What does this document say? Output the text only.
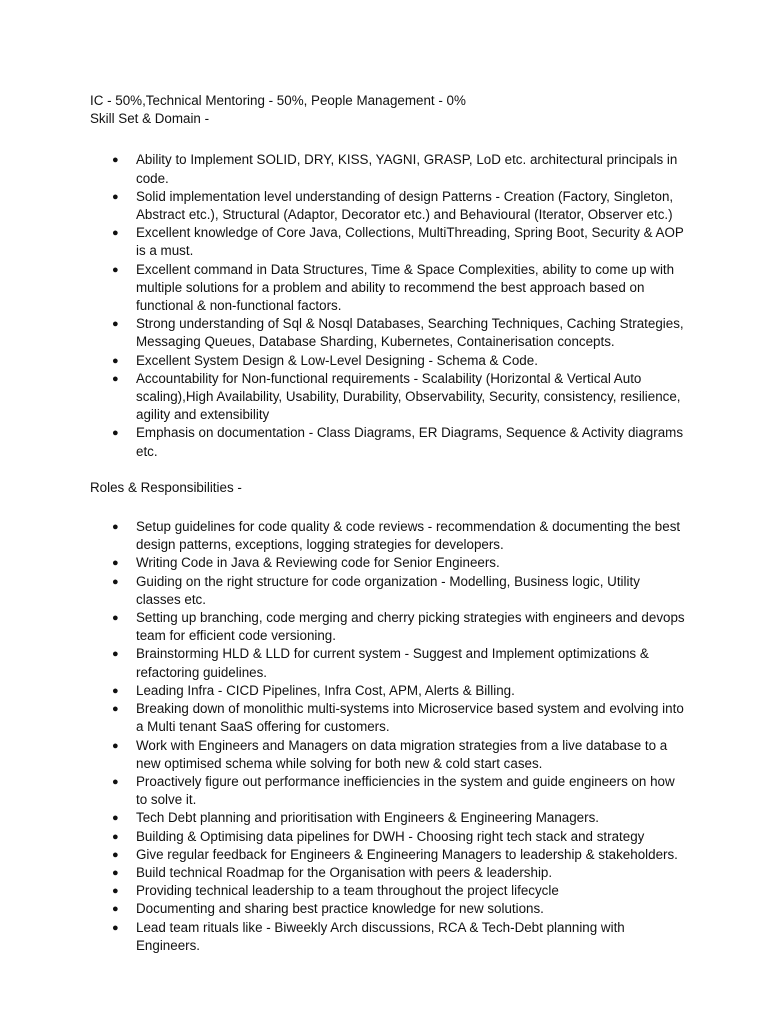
IC - 50%,Technical Mentoring - 50%, People Management - 0%

Skill Set & Domain -

● Ability to Implement SOLID, DRY, KISS, YAGNI, GRASP, LoD etc. architectural principals in
code.
● Solid implementation level understanding of design Patterns - Creation (Factory, Singleton,
Abstract etc.), Structural (Adaptor, Decorator etc.) and Behavioural (Iterator, Observer etc.)
● Excellent knowledge of Core Java, Collections, MultiThreading, Spring Boot, Security & AOP
is a must.
● Excellent command in Data Structures, Time & Space Complexities, ability to come up with
multiple solutions for a problem and ability to recommend the best approach based on
functional & non-functional factors.
● Strong understanding of Sql & Nosql Databases, Searching Techniques, Caching Strategies,
Messaging Queues, Database Sharding, Kubernetes, Containerisation concepts.
● Excellent System Design & Low-Level Designing - Schema & Code.
● Accountability for Non-functional requirements - Scalability (Horizontal & Vertical Auto
scaling),High Availability, Usability, Durability, Observability, Security, consistency, resilience,
agility and extensibility
● Emphasis on documentation - Class Diagrams, ER Diagrams, Sequence & Activity diagrams
etc.

Roles & Responsibilities -

● Setup guidelines for code quality & code reviews - recommendation & documenting the best
design patterns, exceptions, logging strategies for developers.
● Writing Code in Java & Reviewing code for Senior Engineers.
● Guiding on the right structure for code organization - Modelling, Business logic, Utility
classes etc.
● Setting up branching, code merging and cherry picking strategies with engineers and devops
team for efficient code versioning.
● Brainstorming HLD & LLD for current system - Suggest and Implement optimizations &
refactoring guidelines.
● Leading Infra - CICD Pipelines, Infra Cost, APM, Alerts & Billing.
● Breaking down of monolithic multi-systems into Microservice based system and evolving into
a Multi tenant SaaS offering for customers.
● Work with Engineers and Managers on data migration strategies from a live database to a
new optimised schema while solving for both new & cold start cases.
● Proactively figure out performance inefficiencies in the system and guide engineers on how
to solve it.
● Tech Debt planning and prioritisation with Engineers & Engineering Managers.
● Building & Optimising data pipelines for DWH - Choosing right tech stack and strategy
● Give regular feedback for Engineers & Engineering Managers to leadership & stakeholders.
● Build technical Roadmap for the Organisation with peers & leadership.
● Providing technical leadership to a team throughout the project lifecycle
● Documenting and sharing best practice knowledge for new solutions.
● Lead team rituals like - Biweekly Arch discussions, RCA & Tech-Debt planning with
Engineers.
